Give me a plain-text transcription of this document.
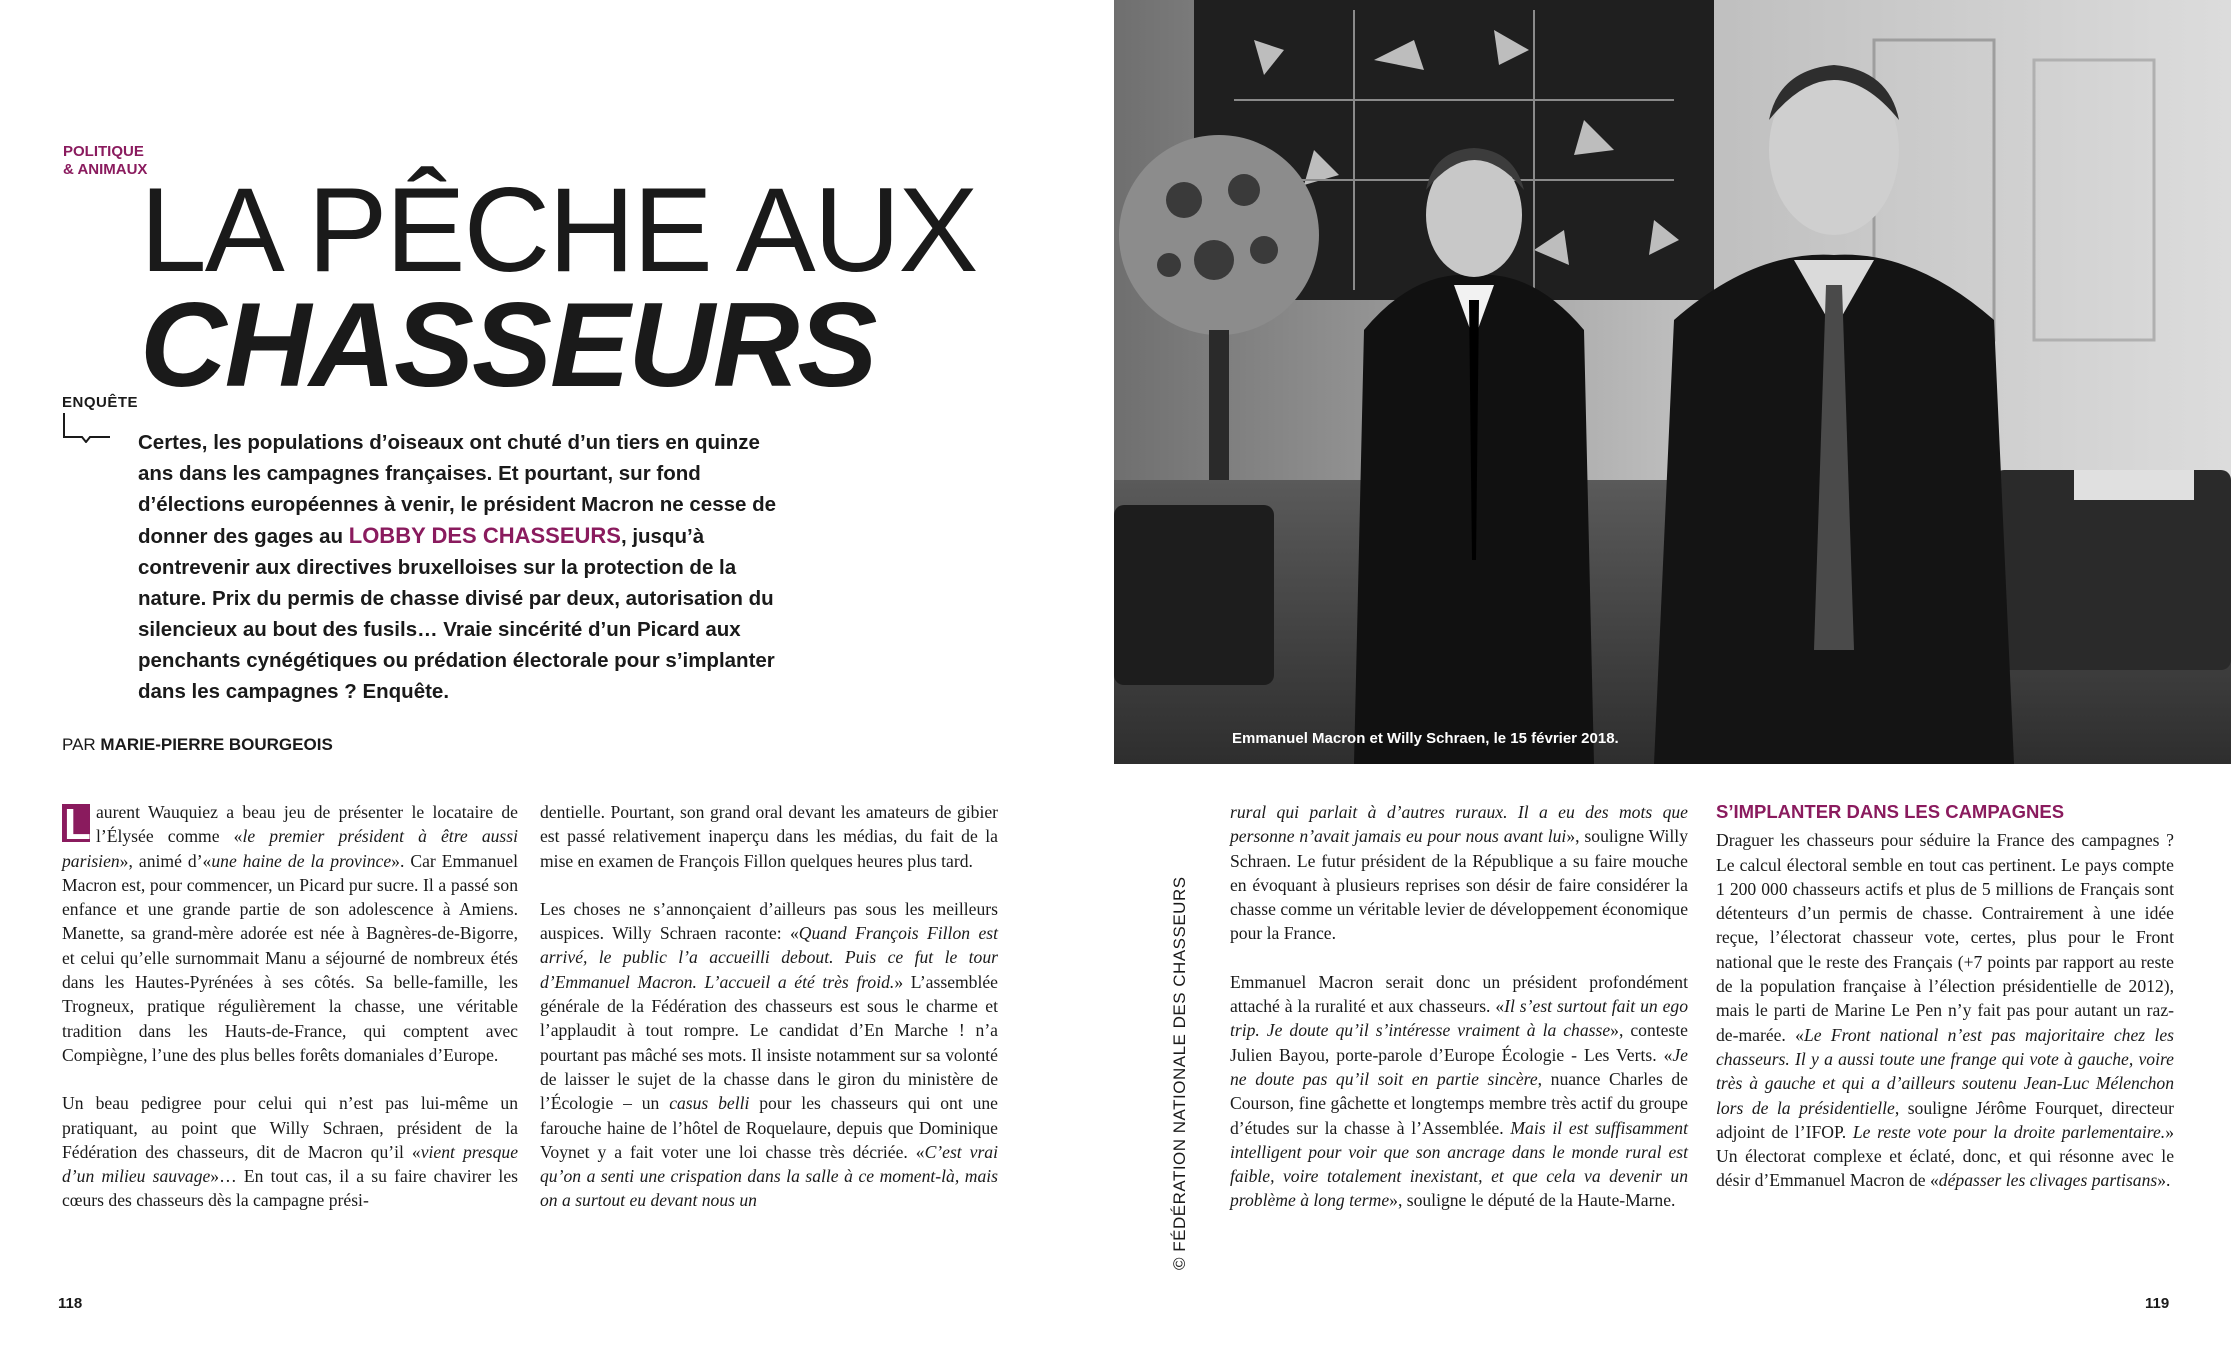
POLITIQUE
& ANIMAUX
LA PÊCHE AUX
CHASSEURS
ENQUÊTE
Certes, les populations d’oiseaux ont chuté d’un tiers en quinze ans dans les campagnes françaises. Et pourtant, sur fond d’élections européennes à venir, le président Macron ne cesse de donner des gages au LOBBY DES CHASSEURS, jusqu’à contrevenir aux directives bruxelloises sur la protection de la nature. Prix du permis de chasse divisé par deux, autorisation du silencieux au bout des fusils… Vraie sincérité d’un Picard aux penchants cynégétiques ou prédation électorale pour s’implanter dans les campagnes ? Enquête.
PAR MARIE-PIERRE BOURGEOIS

L aurent Wauquiez a beau jeu de présenter le locataire de l’Élysée comme «le premier président à être aussi parisien», animé d’«une haine de la province». Car Emmanuel Macron est, pour commencer, un Picard pur sucre. Il a passé son enfance et une grande partie de son adolescence à Amiens. Manette, sa grand-mère adorée est née à Bagnères-de-Bigorre, et celui qu’elle surnommait Manu a séjourné de nombreux étés dans les Hautes-Pyrénées à ses côtés. Sa belle-famille, les Trogneux, pratique régulièrement la chasse, une véritable tradition dans les Hauts-de-France, qui comptent avec Compiègne, l’une des plus belles forêts domaniales d’Europe.

Un beau pedigree pour celui qui n’est pas lui-même un pratiquant, au point que Willy Schraen, président de la Fédération des chasseurs, dit de Macron qu’il «vient presque d’un milieu sauvage»… En tout cas, il a su faire chavirer les cœurs des chasseurs dès la campagne prési-

dentielle. Pourtant, son grand oral devant les amateurs de gibier est passé relativement inaperçu dans les médias, du fait de la mise en examen de François Fillon quelques heures plus tard.

Les choses ne s’annonçaient d’ailleurs pas sous les meilleurs auspices. Willy Schraen raconte: «Quand François Fillon est arrivé, le public l’a accueilli debout. Puis ce fut le tour d’Emmanuel Macron. L’accueil a été très froid.» L’assemblée générale de la Fédération des chasseurs est sous le charme et l’applaudit à tout rompre. Le candidat d’En Marche ! n’a pourtant pas mâché ses mots. Il insiste notamment sur sa volonté de laisser le sujet de la chasse dans le giron du ministère de l’Écologie – un casus belli pour les chasseurs qui ont une farouche haine de l’hôtel de Roquelaure, depuis que Dominique Voynet y a fait voter une loi chasse très décriée. «C’est vrai qu’on a senti une crispation dans la salle à ce moment-là, mais on a surtout eu devant nous un

118
Emmanuel Macron et Willy Schraen, le 15 février 2018.
© FÉDÉRATION NATIONALE DES CHASSEURS

rural qui parlait à d’autres ruraux. Il a eu des mots que personne n’avait jamais eu pour nous avant lui», souligne Willy Schraen. Le futur président de la République a su faire mouche en évoquant à plusieurs reprises son désir de faire considérer la chasse comme un véritable levier de développement économique pour la France.

Emmanuel Macron serait donc un président profondément attaché à la ruralité et aux chasseurs. «Il s’est surtout fait un ego trip. Je doute qu’il s’intéresse vraiment à la chasse», conteste Julien Bayou, porte-parole d’Europe Écologie - Les Verts. «Je ne doute pas qu’il soit en partie sincère, nuance Charles de Courson, fine gâchette et longtemps membre très actif du groupe d’études sur la chasse à l’Assemblée. Mais il est suffisamment intelligent pour voir que son ancrage dans le monde rural est faible, voire totalement inexistant, et que cela va devenir un problème à long terme», souligne le député de la Haute-Marne.

S’IMPLANTER DANS LES CAMPAGNES

Draguer les chasseurs pour séduire la France des campagnes ? Le calcul électoral semble en tout cas pertinent. Le pays compte 1 200 000 chasseurs actifs et plus de 5 millions de Français sont détenteurs d’un permis de chasse. Contrairement à une idée reçue, l’électorat chasseur vote, certes, plus pour le Front national que le reste des Français (+7 points par rapport au reste de la population française à l’élection présidentielle de 2012), mais le parti de Marine Le Pen n’y fait pas pour autant un raz-de-marée. «Le Front national n’est pas majoritaire chez les chasseurs. Il y a aussi toute une frange qui vote à gauche, voire très à gauche et qui a d’ailleurs soutenu Jean-Luc Mélenchon lors de la présidentielle, souligne Jérôme Fourquet, directeur adjoint de l’IFOP. Le reste vote pour la droite parlementaire.» Un électorat complexe et éclaté, donc, et qui résonne avec le désir d’Emmanuel Macron de «dépasser les clivages partisans».

119
